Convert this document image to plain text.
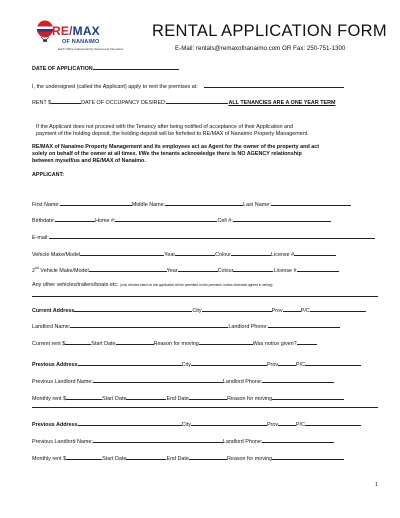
RE/MAX
OF NANAIMO
Each Office Independently Owned and Operated
RENTAL APPLICATION FORM
E-Mail: rentals@remaxofnanaimo.com OR Fax: 250-751-1300
DATE OF APPLICATION
I, the undersigned (called the Applicant) apply to rent the premises at:
RENT $	DATE OF OCCUPANCY DESIRED:	ALL TENANCIES ARE A ONE YEAR TERM
If the Applicant does not proceed with the Tenancy after being notified of acceptance of their Application and
payment of the holding deposit, the holding deposit will be forfeited to RE/MAX of Nanaimo Property Management.
RE/MAX of Nanaimo Property Management and its employees act as Agent for the owner of the property and act
solely on behalf of the owner at all times. I/We the tenants acknowledge there is NO AGENCY relationship
between myself/us and RE/MAX of Nanaimo.
APPLICANT:
First Name:	Middle Name:	Last Name:
Birthdate:	Home #:	Cell #:
E-mail:
Vehicle Make/Model	Year	Colour	License #
2nd Vehicle Make/Model	Year	Colour	License #
Any other vehicles/trailers/boats etc: (only vehicles listed on this application will be permitted on the premises, unless otherwise agreed in writing)
Current Address	City	Prov	P/C
Landlord Name:	Landlord Phone:
Current rent $	Start Date	Reason for moving	Was notice given?
Previous Address	City	Prov	P/C
Previous Landlord Name:	Landlord Phone:
Monthly rent $	Start Date	End Date	Reason for moving
Previous Address	City	Prov	P/C
Previous Landlord Name:	Landlord Phone:
Monthly rent $	Start Date	End Date	Reason for moving
1
